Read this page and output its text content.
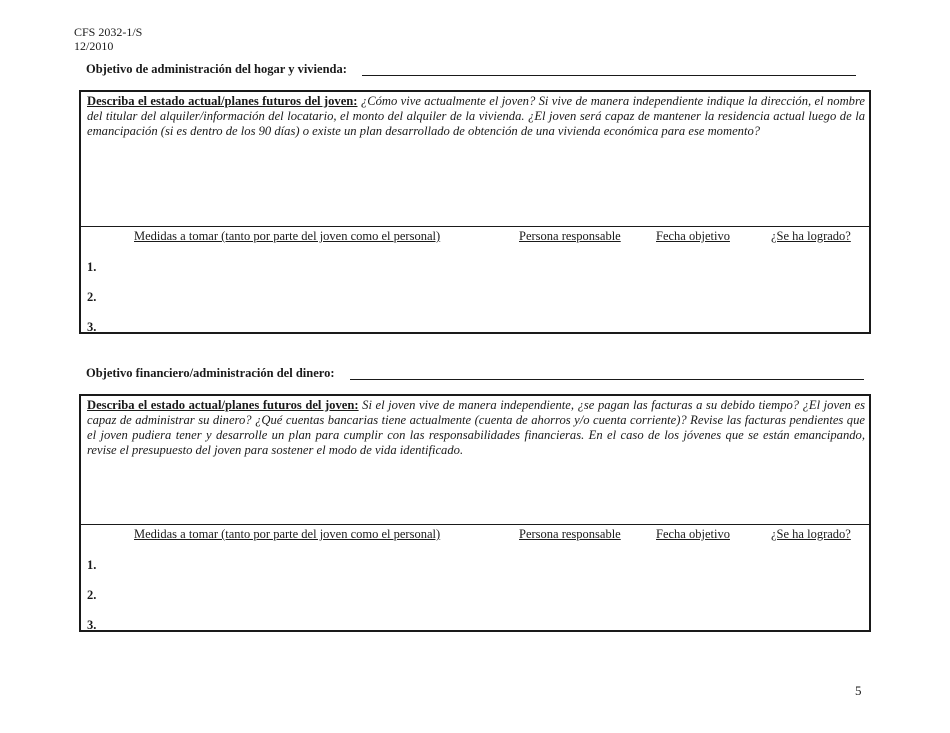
CFS 2032-1/S
12/2010
Objetivo de administración del hogar y vivienda:
Describa el estado actual/planes futuros del joven: ¿Cómo vive actualmente el joven? Si vive de manera independiente indique la dirección, el nombre del titular del alquiler/información del locatario, el monto del alquiler de la vivienda. ¿El joven será capaz de mantener la residencia actual luego de la emancipación (si es dentro de los 90 días) o existe un plan desarrollado de obtención de una vivienda económica para ese momento?
Medidas a tomar (tanto por parte del joven como el personal)	Persona responsable	Fecha objetivo	¿Se ha logrado?
1.
2.
3.
Objetivo financiero/administración del dinero:
Describa el estado actual/planes futuros del joven: Si el joven vive de manera independiente, ¿se pagan las facturas a su debido tiempo? ¿El joven es capaz de administrar su dinero? ¿Qué cuentas bancarias tiene actualmente (cuenta de ahorros y/o cuenta corriente)? Revise las facturas pendientes que el joven pudiera tener y desarrolle un plan para cumplir con las responsabilidades financieras. En el caso de los jóvenes que se están emancipando, revise el presupuesto del joven para sostener el modo de vida identificado.
Medidas a tomar (tanto por parte del joven como el personal)	Persona responsable	Fecha objetivo	¿Se ha logrado?
1.
2.
3.
5
